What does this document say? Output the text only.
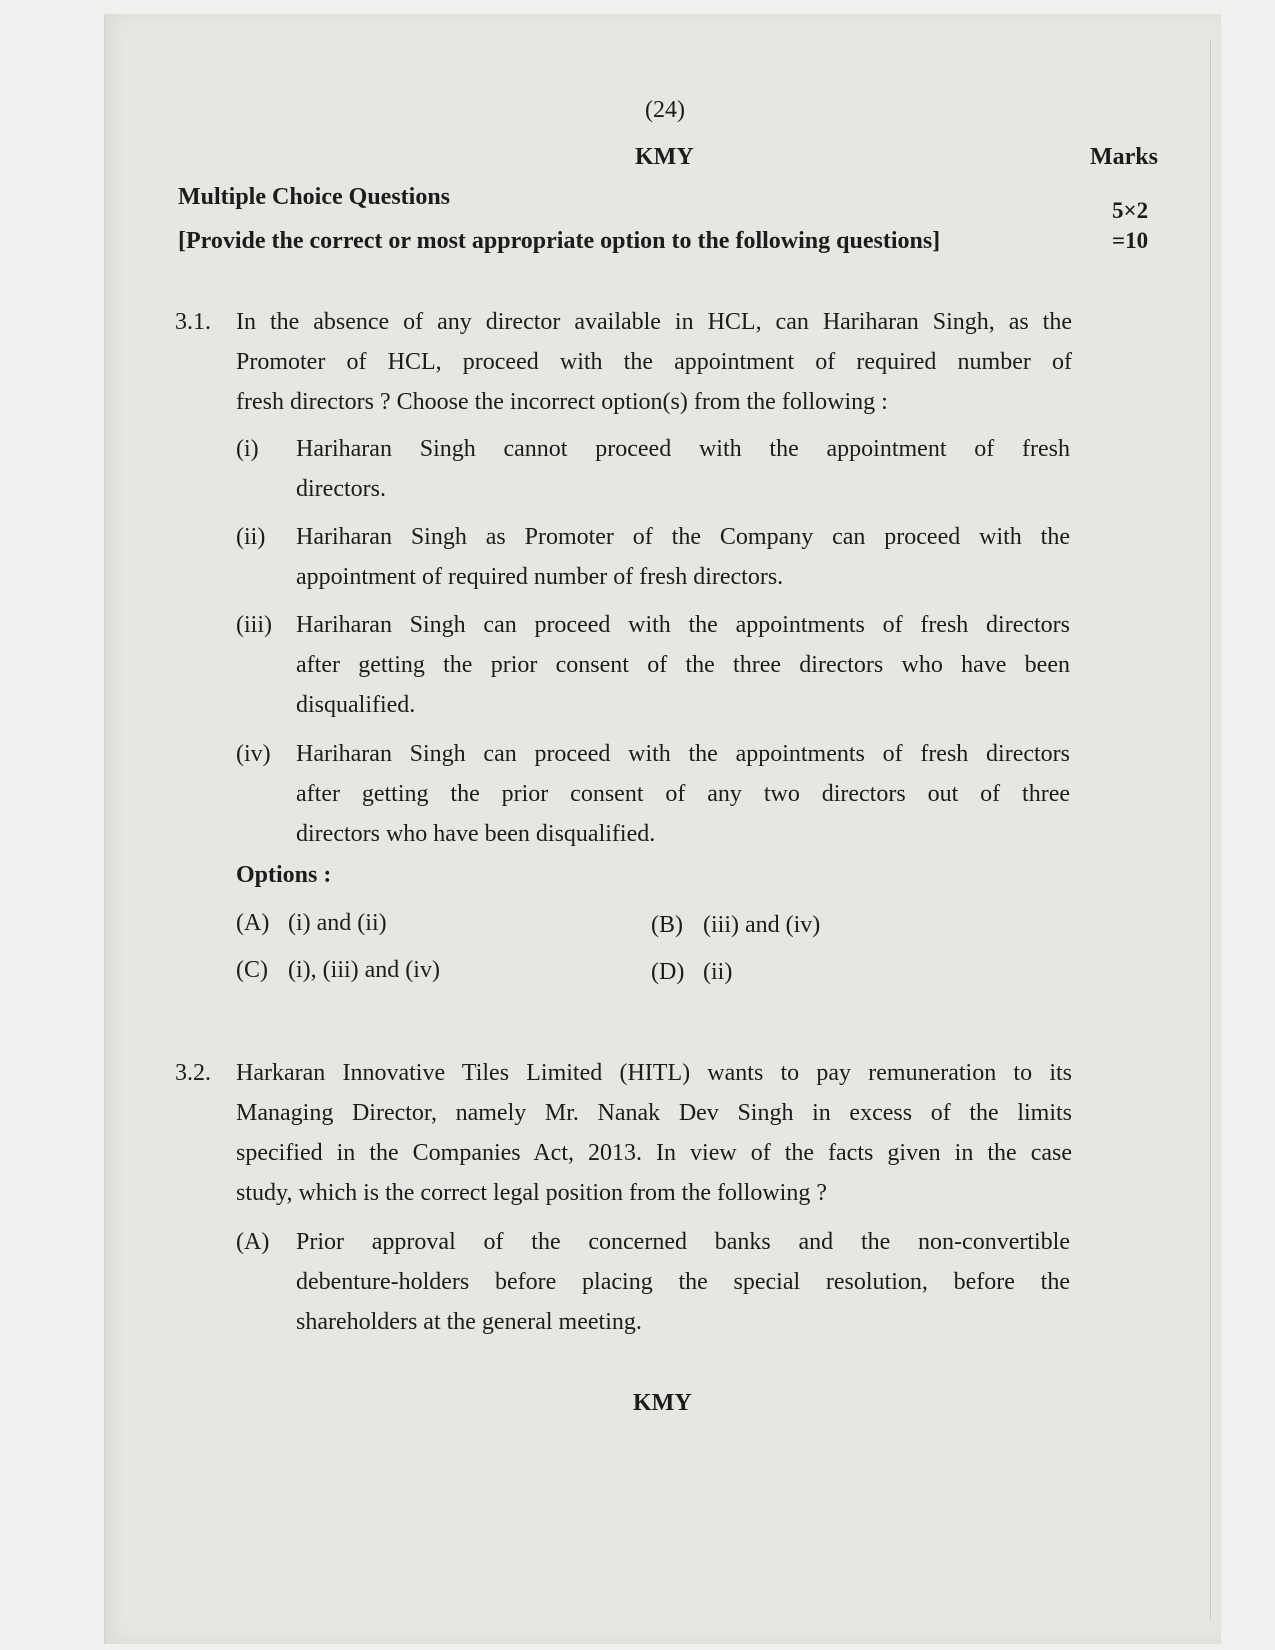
(24)
KMY	Marks
Multiple Choice Questions
[Provide the correct or most appropriate option to the following questions]
5×2
=10
3.1. In the absence of any director available in HCL, can Hariharan Singh, as the
Promoter of HCL, proceed with the appointment of required number of
fresh directors ? Choose the incorrect option(s) from the following :
(i) Hariharan Singh cannot proceed with the appointment of fresh
directors.
(ii) Hariharan Singh as Promoter of the Company can proceed with the
appointment of required number of fresh directors.
(iii) Hariharan Singh can proceed with the appointments of fresh directors
after getting the prior consent of the three directors who have been
disqualified.
(iv) Hariharan Singh can proceed with the appointments of fresh directors
after getting the prior consent of any two directors out of three
directors who have been disqualified.
Options :
(A) (i) and (ii)	(B) (iii) and (iv)
(C) (i), (iii) and (iv)	(D) (ii)
3.2. Harkaran Innovative Tiles Limited (HITL) wants to pay remuneration to its
Managing Director, namely Mr. Nanak Dev Singh in excess of the limits
specified in the Companies Act, 2013. In view of the facts given in the case
study, which is the correct legal position from the following ?
(A) Prior approval of the concerned banks and the non-convertible
debenture-holders before placing the special resolution, before the
shareholders at the general meeting.
KMY
